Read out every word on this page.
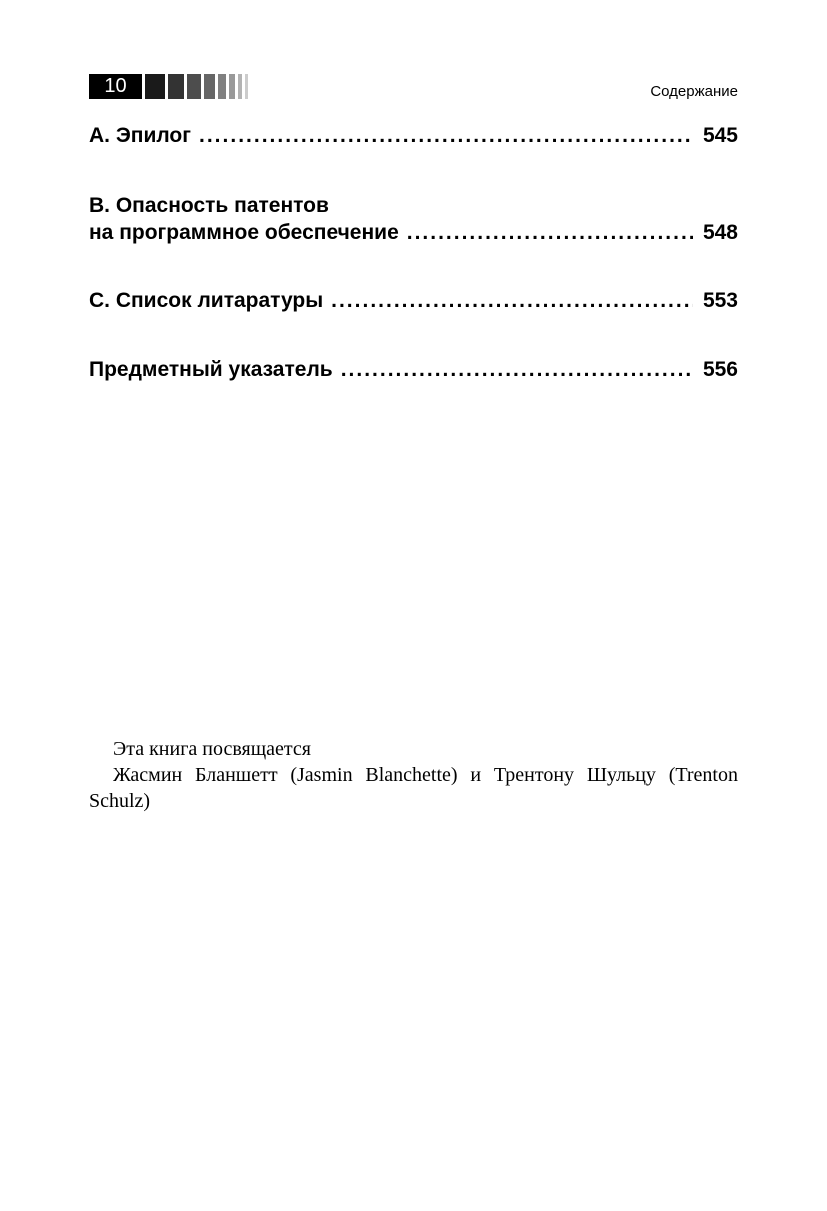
10	Содержание
A. Эпилог .....	545
B. Опасность патентов
на программное обеспечение .....	548
C. Список литаратуры .....	553
Предметный указатель .....	556

Эта книга посвящается

Жасмин Бланшетт (Jasmin Blanchette) и Трентону Шульцу (Trenton Schulz)
